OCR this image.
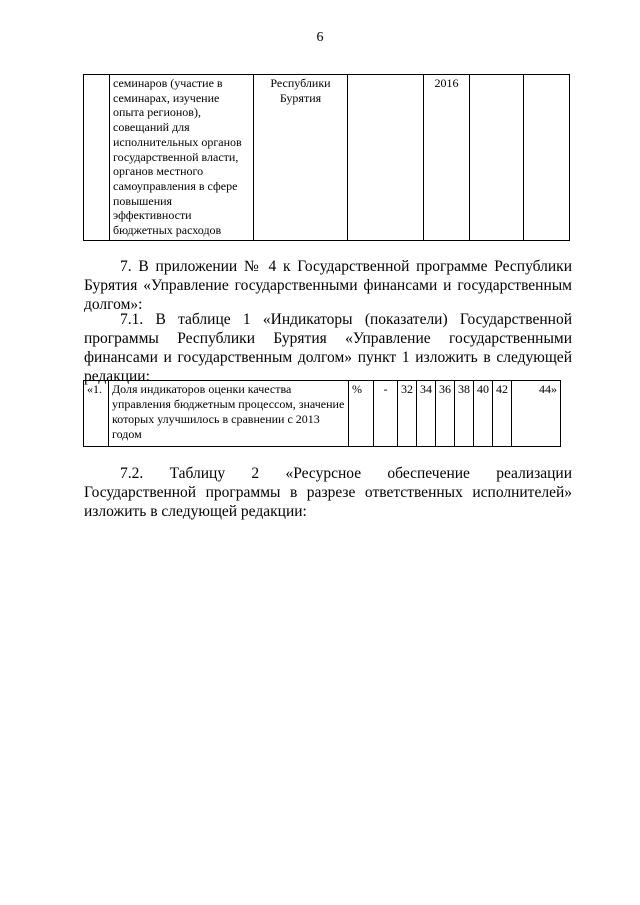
6
	семинаров (участие в семинарах, изучение опыта регионов), совещаний для исполнительных органов государственной власти, органов местного самоуправления в сфере повышения эффективности бюджетных расходов	Республики Бурятия		2016		
7. В приложении № 4 к Государственной программе Республики Бурятия «Управление государственными финансами и государственным долгом»:
7.1. В таблице 1 «Индикаторы (показатели) Государственной программы Республики Бурятия «Управление государственными финансами и государственным долгом» пункт 1 изложить в следующей редакции:
«1.	Доля индикаторов оценки качества управления бюджетным процессом, значение которых улучшилось в сравнении с 2013 годом	%	-	32	34	36	38	40	42	44»
7.2. Таблицу 2 «Ресурсное обеспечение реализации Государственной программы в разрезе ответственных исполнителей» изложить в следующей редакции:
